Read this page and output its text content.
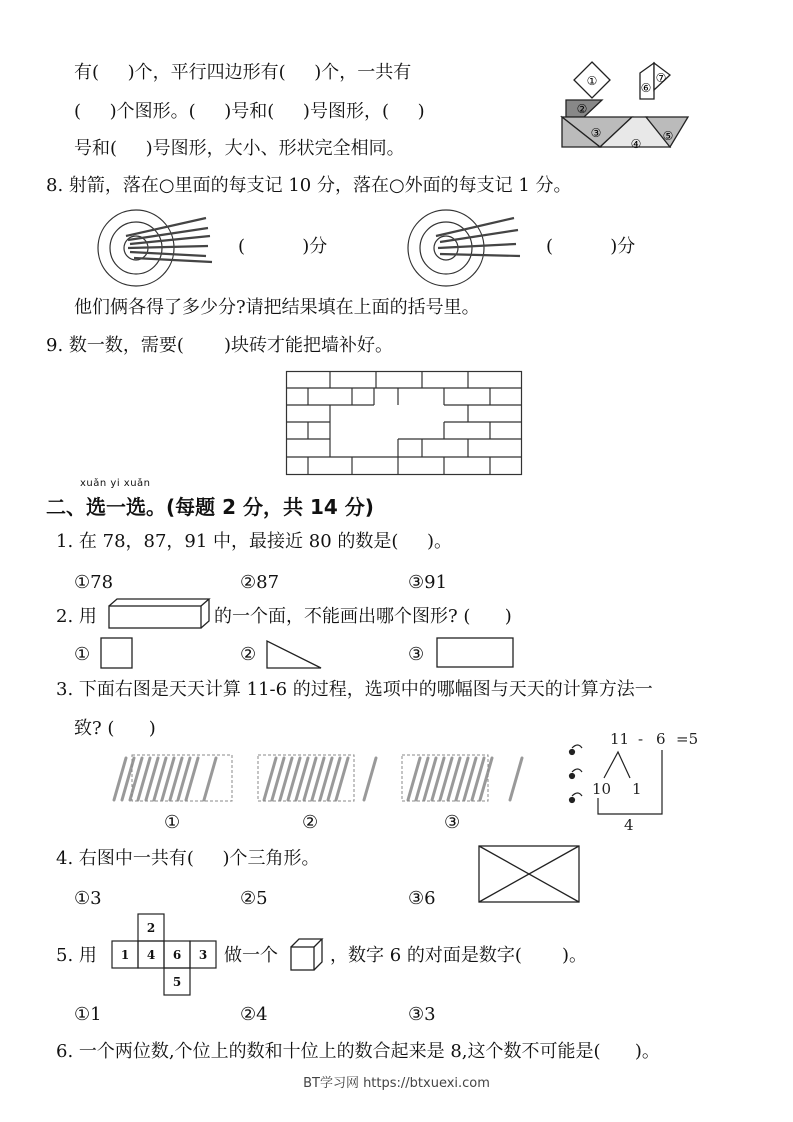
有(     )个，平行四边形有(     )个，一共有
(     )个图形。(     )号和(     )号图形，(     )
号和(     )号图形，大小、形状完全相同。
①
②
③
④
⑤
⑥
⑦
8. 射箭，落在○里面的每支记 10 分，落在○外面的每支记 1 分。
(          )分	(          )分
他们俩各得了多少分?请把结果填在上面的括号里。
9. 数一数，需要(       )块砖才能把墙补好。
xuǎn yi xuǎn
二、选一选。(每题 2 分，共 14 分)
1. 在 78，87，91 中，最接近 80 的数是(     )。
①78	②87	③91
2. 用	的一个面，不能画出哪个图形? (      )
①	②	③
3. 下面右图是天天计算 11-6 的过程，选项中的哪幅图与天天的计算方法一
致? (      )
①	②	③
11 - 6 =5
10 1
4
4. 右图中一共有(     )个三角形。
①3	②5	③6
5. 用
2
1 4 6 3
5
做一个	，数字 6 的对面是数字(       )。
①1	②4	③3
6. 一个两位数,个位上的数和十位上的数合起来是 8,这个数不可能是(      )。
BT学习网 https://btxuexi.com
